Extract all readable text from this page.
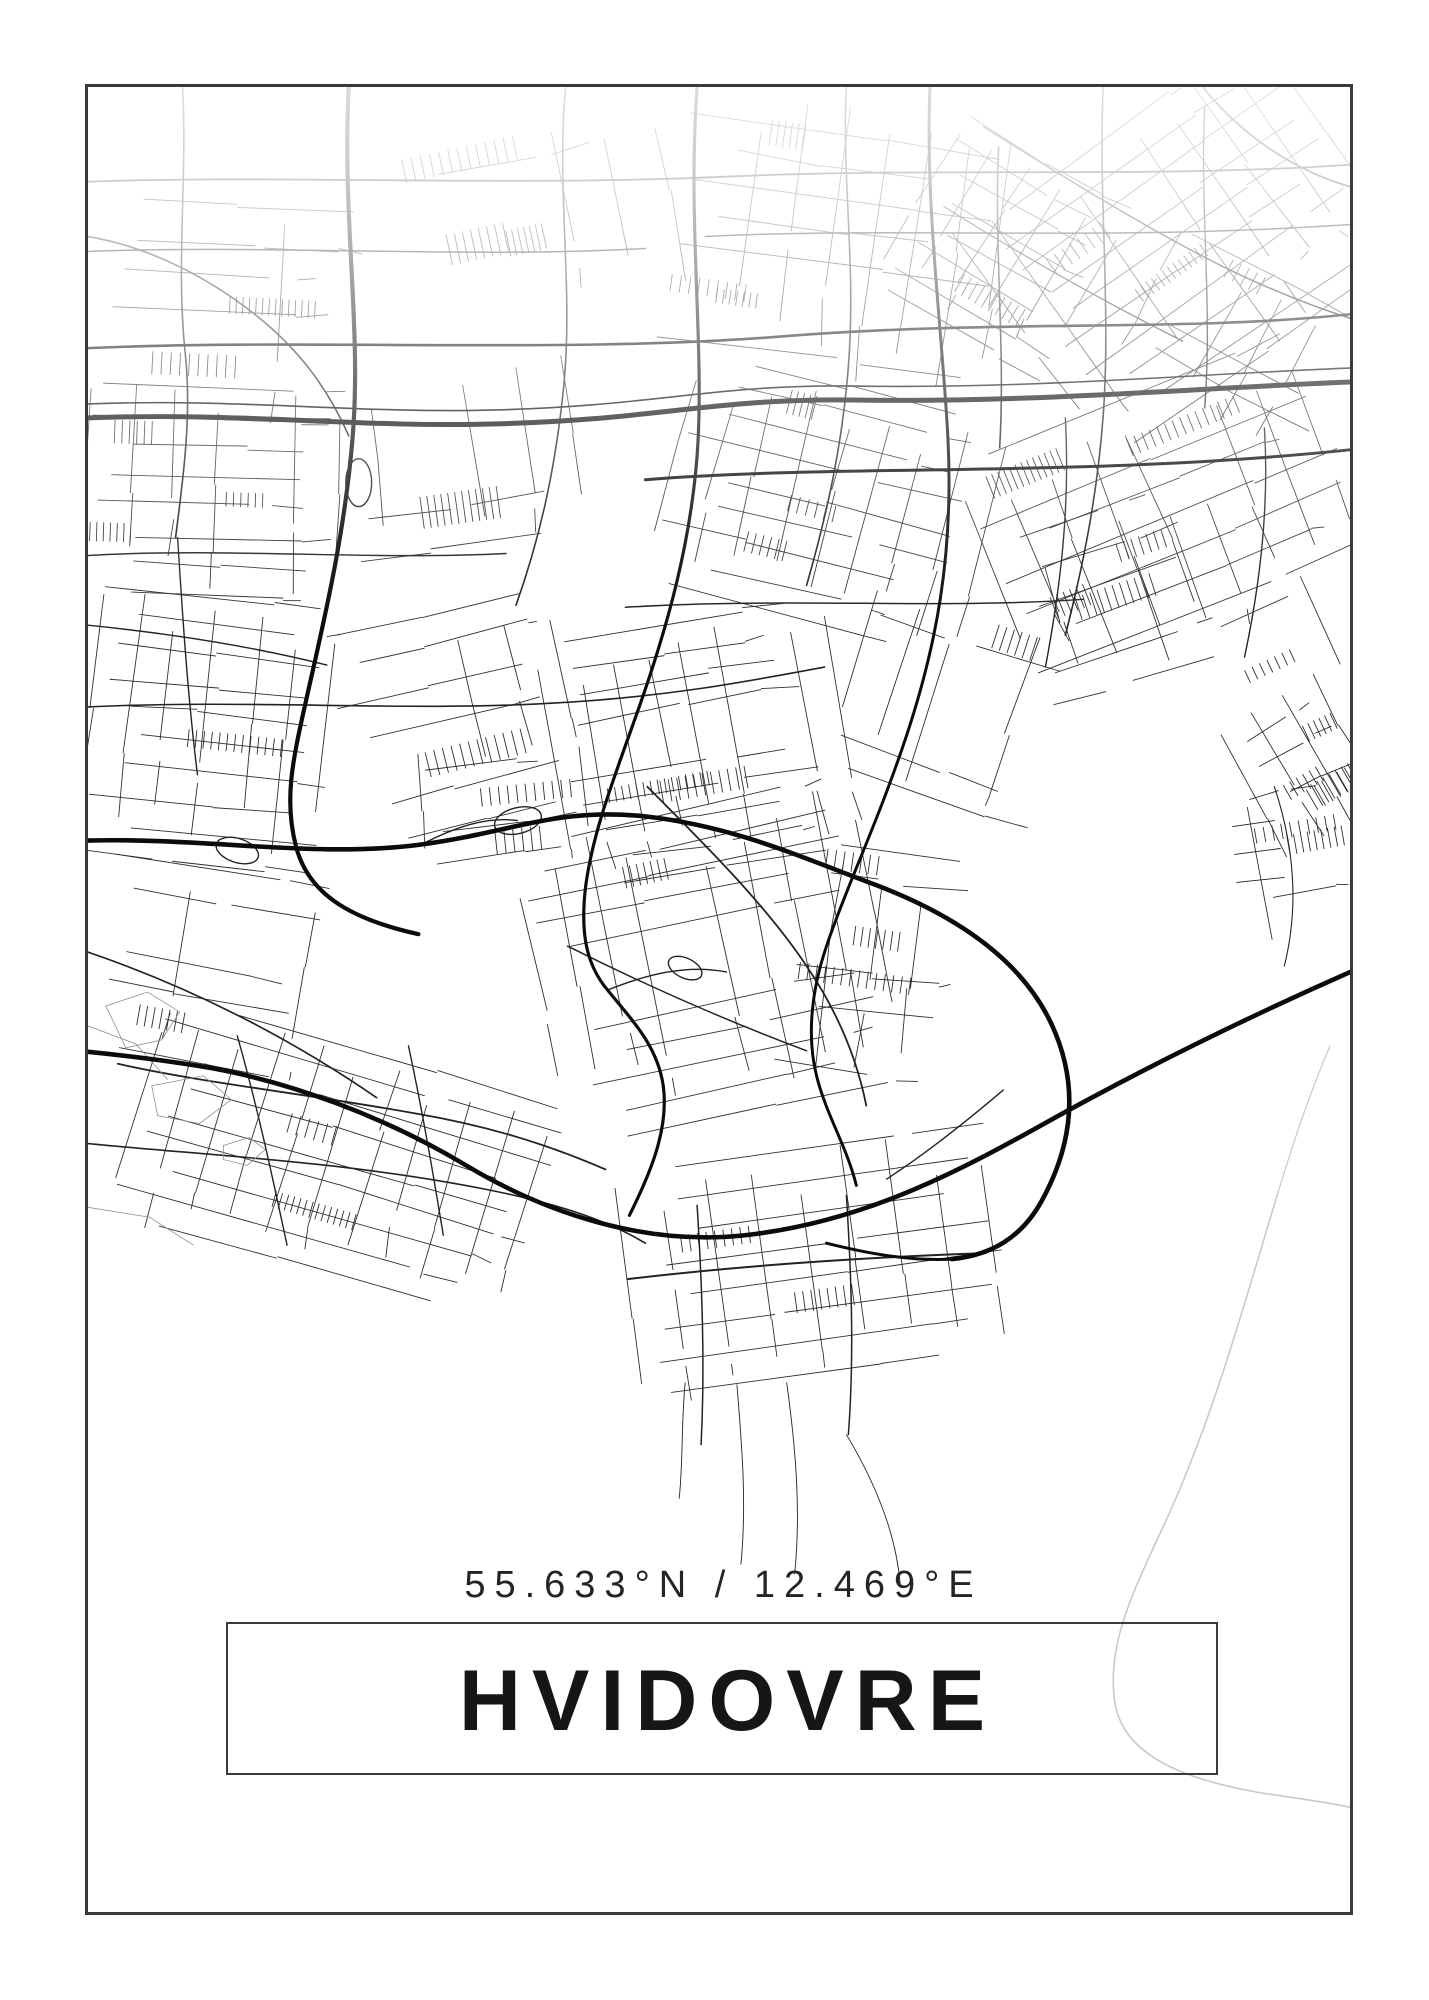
55.633°N / 12.469°E
HVIDOVRE
